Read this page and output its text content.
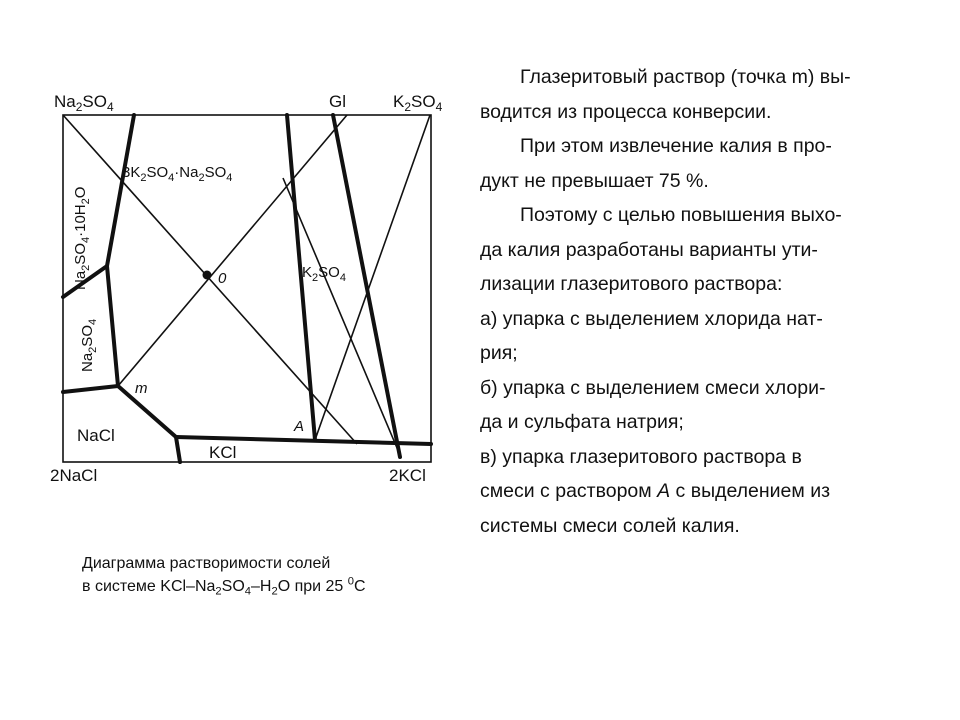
$Na_2SO_4$	Gl	$K_2SO_4$
2NaCl	2KCl
$3K_2SO_4\cdot Na_2SO_4$
$K_2SO_4$
$Na_2SO_4\cdot 10H_2O$
$Na_2SO_4$
NaCl
KCl
0
m
A
Диаграмма растворимости солей
в системе KCl–$Na_2SO_4-H_2O$ при 25 $^0$C
Глазеритовый раствор (точка m) вы-
водится из процесса конверсии.
При этом извлечение калия в про-
дукт не превышает 75 %.
Поэтому с целью повышения выхо-
да калия разработаны варианты ути-
лизации глазеритового раствора:
а) упарка с выделением хлорида нат-
рия;
б) упарка с выделением смеси хлори-
да и сульфата натрия;
в) упарка глазеритового раствора в
смеси с раствором А с выделением из
системы смеси солей калия.
